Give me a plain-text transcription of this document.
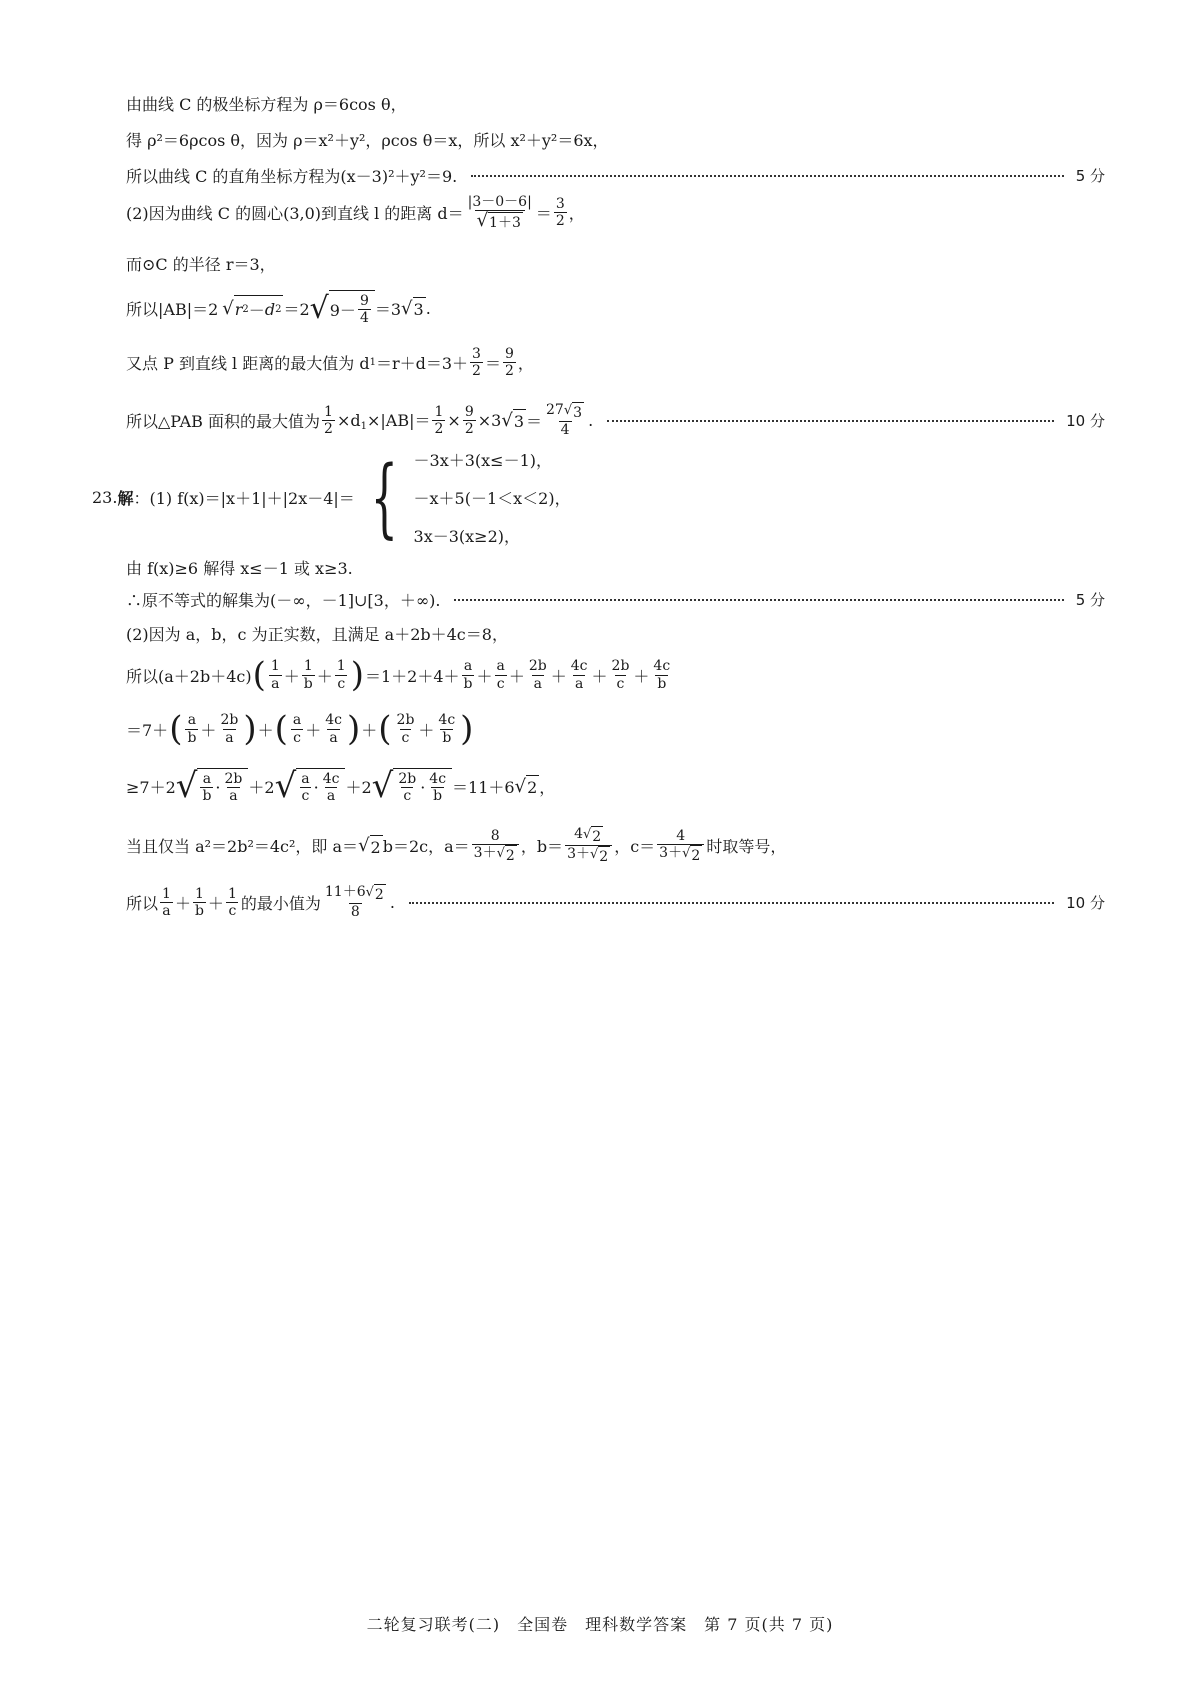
由曲线 C 的极坐标方程为 ρ＝6cos θ，
得 ρ²＝6ρcos θ，因为 ρ＝x²＋y²，ρcos θ＝x，所以 x²＋y²＝6x，
所以曲线 C 的直角坐标方程为(x－3)²＋y²＝9.	5 分
(2)因为曲线 C 的圆心(3,0)到直线 l 的距离 $d= \frac{|3-0-6|}{√ 1+3} = \frac{3}{2}$ ，
而⊙C 的半径 r＝3，
所以|AB|＝2 √ r 2 － d 2 ＝2 √ $9- \frac{9}{4} =3$ √ 3 .
又点 P 到直线 l 距离的最大值为 d $1 =r+d=3+ \frac{3}{2} = \frac{9}{2}$ ，
所以△PAB 面积的最大值为 $\frac{1}{2} \times d_1\times|AB|= \frac{1}{2} \times \frac{9}{2} \times 3$ √ $3 = \frac{27 √ 3}{4}$ .	10 分
23. 解 ：(1) f(x)＝|x＋1|＋|2x－4|＝ { －3x＋3(x≤－1)，
－x＋5(－1＜x＜2)，
3x－3(x≥2)，
由 f(x)≥6 解得 x≤－1 或 x≥3.
∴原不等式的解集为(－∞，－1]∪[3，＋∞).	5 分
(2)因为 a，b，c 为正实数，且满足 a＋2b＋4c＝8，
所以(a＋2b＋4c) ( $\frac{1}{a} + \frac{1}{b} + \frac{1}{c}$ ) $=1+2+4+ \frac{a}{b} + \frac{a}{c} + \frac{2b}{a} + \frac{4c}{a} + \frac{2b}{c} + \frac{4c}{b}$
＝7＋ ( $\frac{a}{b} + \frac{2b}{a}$ ) ＋ ( $\frac{a}{c} + \frac{4c}{a}$ ) ＋ ( $\frac{2b}{c} + \frac{4c}{b}$ )
≥7＋2 √ $\frac{a}{b} \cdot \frac{2b}{a} +2$ √ $\frac{a}{c} \cdot \frac{4c}{a} +2$ √ $\frac{2b}{c} \cdot \frac{4c}{b} =11+6$ √ 2 ，
当且仅当 a²＝2b²＝4c²，即 a＝ √ 2 b＝2c，$a= \frac{8}{3+ √ 2}$ ，$b= \frac{4 √ 2}{3+ √ 2}$ ，$c= \frac{4}{3+ √ 2}$ 时取等号，
所以 $\frac{1}{a} + \frac{1}{b} + \frac{1}{c}$ 的最小值为 $\frac{11+6 √ 2}{8}$ .	10 分
二轮复习联考(二)　全国卷　理科数学答案　第 7 页(共 7 页)
